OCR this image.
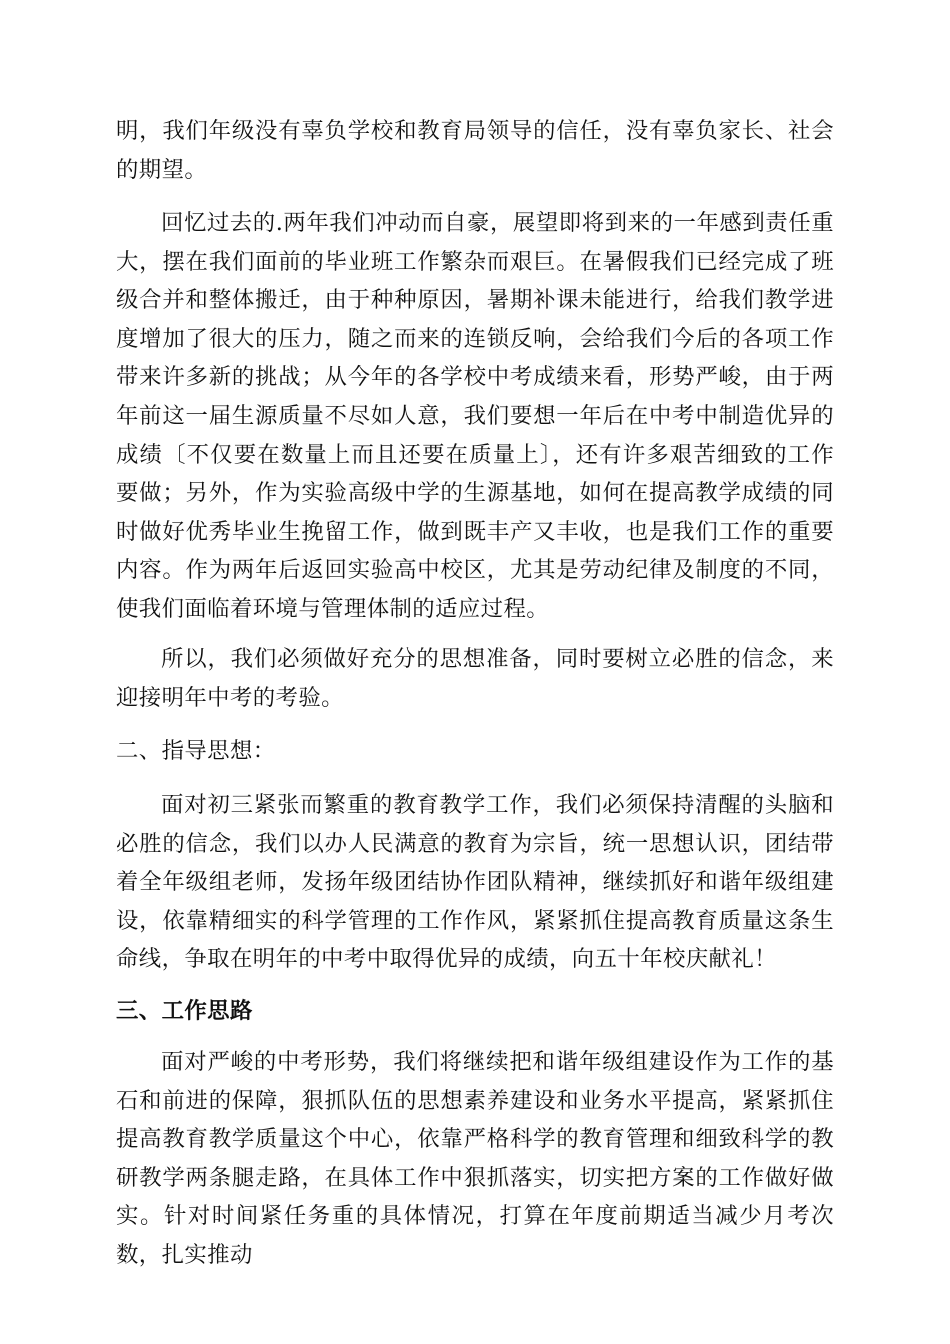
明，我们年级没有辜负学校和教育局领导的信任，没有辜负家长、社会的期望。

回忆过去的.两年我们冲动而自豪，展望即将到来的一年感到责任重大，摆在我们面前的毕业班工作繁杂而艰巨。在暑假我们已经完成了班级合并和整体搬迁，由于种种原因，暑期补课未能进行，给我们教学进度增加了很大的压力，随之而来的连锁反响，会给我们今后的各项工作带来许多新的挑战；从今年的各学校中考成绩来看，形势严峻，由于两年前这一届生源质量不尽如人意，我们要想一年后在中考中制造优异的成绩〔不仅要在数量上而且还要在质量上〕，还有许多艰苦细致的工作要做；另外，作为实验高级中学的生源基地，如何在提高教学成绩的同时做好优秀毕业生挽留工作，做到既丰产又丰收，也是我们工作的重要内容。作为两年后返回实验高中校区，尤其是劳动纪律及制度的不同，使我们面临着环境与管理体制的适应过程。

所以，我们必须做好充分的思想准备，同时要树立必胜的信念，来迎接明年中考的考验。

二、指导思想：

面对初三紧张而繁重的教育教学工作，我们必须保持清醒的头脑和必胜的信念，我们以办人民满意的教育为宗旨，统一思想认识，团结带着全年级组老师，发扬年级团结协作团队精神，继续抓好和谐年级组建设，依靠精细实的科学管理的工作作风，紧紧抓住提高教育质量这条生命线，争取在明年的中考中取得优异的成绩，向五十年校庆献礼！

三、工作思路

面对严峻的中考形势，我们将继续把和谐年级组建设作为工作的基石和前进的保障，狠抓队伍的思想素养建设和业务水平提高，紧紧抓住提高教育教学质量这个中心，依靠严格科学的教育管理和细致科学的教研教学两条腿走路，在具体工作中狠抓落实，切实把方案的工作做好做实。针对时间紧任务重的具体情况，打算在年度前期适当减少月考次数，扎实推动
